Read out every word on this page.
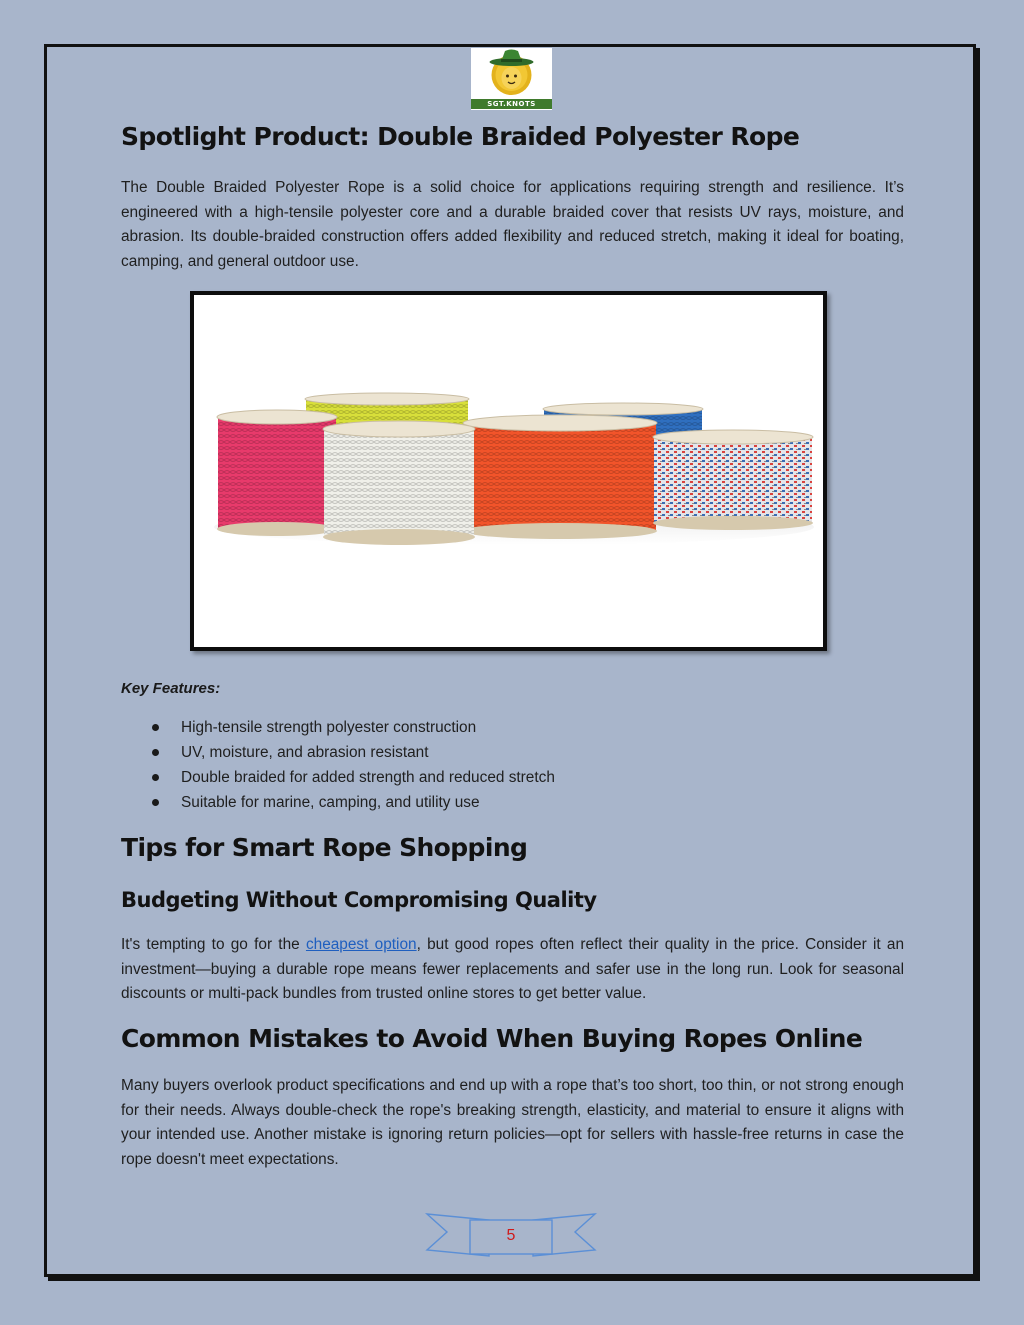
SGT.KNOTS
Spotlight Product: Double Braided Polyester Rope

The Double Braided Polyester Rope is a solid choice for applications requiring strength and resilience. It’s engineered with a high-tensile polyester core and a durable braided cover that resists UV rays, moisture, and abrasion. Its double-braided construction offers added flexibility and reduced stretch, making it ideal for boating, camping, and general outdoor use.

Key Features:
High-tensile strength polyester construction
UV, moisture, and abrasion resistant
Double braided for added strength and reduced stretch
Suitable for marine, camping, and utility use
Tips for Smart Rope Shopping
Budgeting Without Compromising Quality

It's tempting to go for the cheapest option, but good ropes often reflect their quality in the price. Consider it an investment—buying a durable rope means fewer replacements and safer use in the long run. Look for seasonal discounts or multi-pack bundles from trusted online stores to get better value.

Common Mistakes to Avoid When Buying Ropes Online

Many buyers overlook product specifications and end up with a rope that’s too short, too thin, or not strong enough for their needs. Always double-check the rope's breaking strength, elasticity, and material to ensure it aligns with your intended use. Another mistake is ignoring return policies—opt for sellers with hassle-free returns in case the rope doesn't meet expectations.

5
